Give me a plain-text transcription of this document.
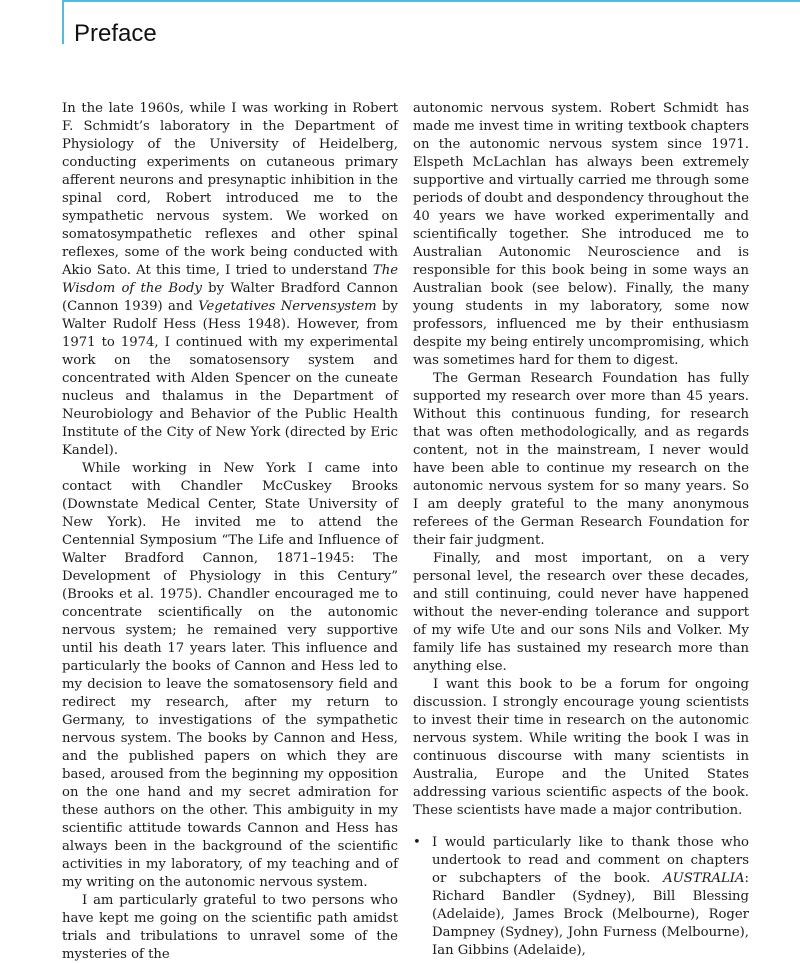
Preface

In the late 1960s, while I was working in Robert F. Schmidt’s laboratory in the Department of Physiology of the University of Heidelberg, conducting experiments on cutaneous primary afferent neurons and presynaptic inhibition in the spinal cord, Robert introduced me to the sympathetic nervous system. We worked on somatosympathetic reflexes and other spinal reflexes, some of the work being conducted with Akio Sato. At this time, I tried to understand The Wisdom of the Body by Walter Bradford Cannon (Cannon 1939) and Vegetatives Nervensystem by Walter Rudolf Hess (Hess 1948). However, from 1971 to 1974, I continued with my experimental work on the somatosensory system and concentrated with Alden Spencer on the cuneate nucleus and thalamus in the Department of Neurobiology and Behavior of the Public Health Institute of the City of New York (directed by Eric Kandel).

While working in New York I came into contact with Chandler McCuskey Brooks (Downstate Medical Center, State University of New York). He invited me to attend the Centennial Symposium “The Life and Influence of Walter Bradford Cannon, 1871–1945: The Development of Physiology in this Century” (Brooks et al. 1975). Chandler encouraged me to concentrate scientifically on the autonomic nervous system; he remained very supportive until his death 17 years later. This influence and particularly the books of Cannon and Hess led to my decision to leave the somatosensory field and redirect my research, after my return to Germany, to investigations of the sympathetic nervous system. The books by Cannon and Hess, and the published papers on which they are based, aroused from the beginning my opposition on the one hand and my secret admiration for these authors on the other. This ambiguity in my scientific attitude towards Cannon and Hess has always been in the background of the scientific activities in my laboratory, of my teaching and of my writing on the autonomic nervous system.

I am particularly grateful to two persons who have kept me going on the scientific path amidst trials and tribulations to unravel some of the mysteries of the

autonomic nervous system. Robert Schmidt has made me invest time in writing textbook chapters on the autonomic nervous system since 1971. Elspeth McLachlan has always been extremely supportive and virtually carried me through some periods of doubt and despondency throughout the 40 years we have worked experimentally and scientifically together. She introduced me to Australian Autonomic Neuroscience and is responsible for this book being in some ways an Australian book (see below). Finally, the many young students in my laboratory, some now professors, influenced me by their enthusiasm despite my being entirely uncompromising, which was sometimes hard for them to digest.

The German Research Foundation has fully supported my research over more than 45 years. Without this continuous funding, for research that was often methodologically, and as regards content, not in the mainstream, I never would have been able to continue my research on the autonomic nervous system for so many years. So I am deeply grateful to the many anonymous referees of the German Research Foundation for their fair judgment.

Finally, and most important, on a very personal level, the research over these decades, and still continuing, could never have happened without the never-ending tolerance and support of my wife Ute and our sons Nils and Volker. My family life has sustained my research more than anything else.

I want this book to be a forum for ongoing discussion. I strongly encourage young scientists to invest their time in research on the autonomic nervous system. While writing the book I was in continuous discourse with many scientists in Australia, Europe and the United States addressing various scientific aspects of the book. These scientists have made a major contribution.

• I would particularly like to thank those who undertook to read and comment on chapters or subchapters of the book. AUSTRALIA: Richard Bandler (Sydney), Bill Blessing (Adelaide), James Brock (Melbourne), Roger Dampney (Sydney), John Furness (Melbourne), Ian Gibbins (Adelaide),
